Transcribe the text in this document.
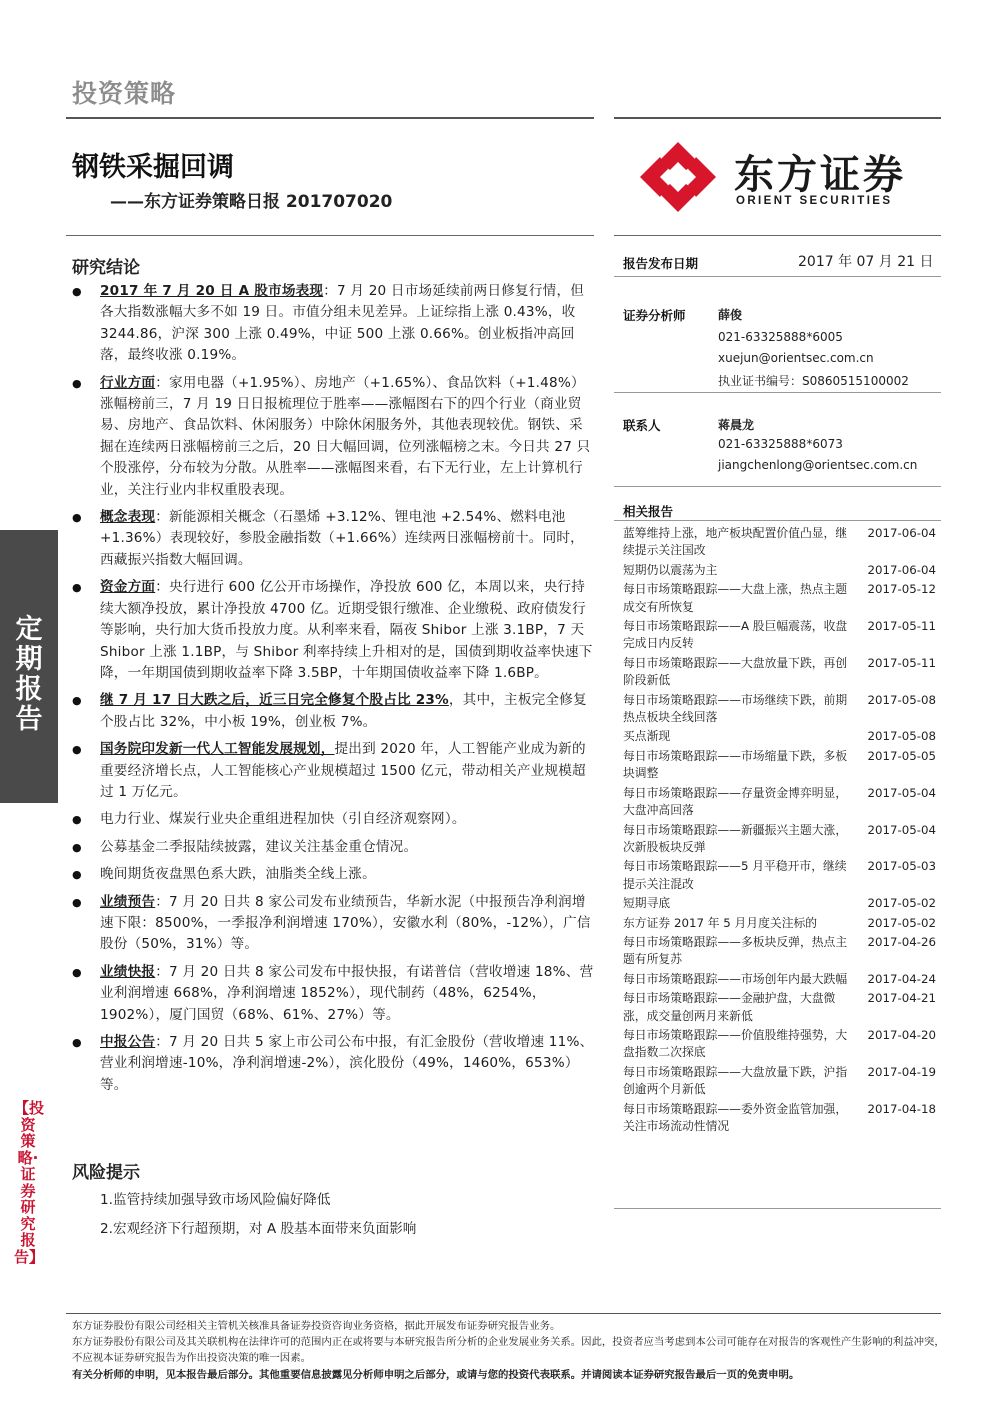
投资策略
钢铁采掘回调
——东方证券策略日报 201707020
东方证券
ORIENT SECURITIES
定期报告
【投资策略·证券研究报告】
研究结论
● 2017 年 7 月 20 日 A 股市场表现：7 月 20 日市场延续前两日修复行情，但各大指数涨幅大多不如 19 日。市值分组未见差异。上证综指上涨 0.43%，收 3244.86，沪深 300 上涨 0.49%，中证 500 上涨 0.66%。创业板指冲高回落，最终收涨 0.19%。
● 行业方面：家用电器（+1.95%）、房地产（+1.65%）、食品饮料（+1.48%）涨幅榜前三，7 月 19 日日报梳理位于胜率——涨幅图右下的四个行业（商业贸易、房地产、食品饮料、休闲服务）中除休闲服务外，其他表现较优。钢铁、采掘在连续两日涨幅榜前三之后，20 日大幅回调，位列涨幅榜之末。今日共 27 只个股涨停，分布较为分散。从胜率——涨幅图来看，右下无行业，左上计算机行业，关注行业内非权重股表现。
● 概念表现：新能源相关概念（石墨烯 +3.12%、锂电池 +2.54%、燃料电池 +1.36%）表现较好，参股金融指数（+1.66%）连续两日涨幅榜前十。同时，西藏振兴指数大幅回调。
● 资金方面：央行进行 600 亿公开市场操作，净投放 600 亿，本周以来，央行持续大额净投放，累计净投放 4700 亿。近期受银行缴准、企业缴税、政府债发行等影响，央行加大货币投放力度。从利率来看，隔夜 Shibor 上涨 3.1BP，7 天 Shibor 上涨 1.1BP，与 Shibor 利率持续上升相对的是，国债到期收益率快速下降，一年期国债到期收益率下降 3.5BP，十年期国债收益率下降 1.6BP。
● 继 7 月 17 日大跌之后，近三日完全修复个股占比 23%，其中，主板完全修复个股占比 32%，中小板 19%，创业板 7%。
● 国务院印发新一代人工智能发展规划，提出到 2020 年，人工智能产业成为新的重要经济增长点，人工智能核心产业规模超过 1500 亿元，带动相关产业规模超过 1 万亿元。
● 电力行业、煤炭行业央企重组进程加快（引自经济观察网）。
● 公募基金二季报陆续披露，建议关注基金重仓情况。
● 晚间期货夜盘黑色系大跌，油脂类全线上涨。
● 业绩预告：7 月 20 日共 8 家公司发布业绩预告，华新水泥（中报预告净利润增速下限：8500%，一季报净利润增速 170%），安徽水利（80%，-12%），广信股份（50%，31%）等。
● 业绩快报：7 月 20 日共 8 家公司发布中报快报，有诺普信（营收增速 18%、营业利润增速 668%，净利润增速 1852%），现代制药（48%，6254%，1902%），厦门国贸（68%、61%、27%）等。
● 中报公告：7 月 20 日共 5 家上市公司公布中报，有汇金股份（营收增速 11%、营业利润增速-10%，净利润增速-2%），滨化股份（49%，1460%，653%）等。
风险提示
1.监管持续加强导致市场风险偏好降低
2.宏观经济下行超预期，对 A 股基本面带来负面影响
报告发布日期	2017 年 07 月 21 日
证券分析师	薛俊
021-63325888*6005
xuejun@orientsec.com.cn
执业证书编号：S0860515100002
联系人	蒋晨龙
021-63325888*6073
jiangchenlong@orientsec.com.cn
相关报告
蓝筹维持上涨，地产板块配置价值凸显，继续提示关注国改
2017-06-04
短期仍以震荡为主	2017-06-04
每日市场策略跟踪——大盘上涨，热点主题成交有所恢复
2017-05-12
每日市场策略跟踪——A 股巨幅震荡，收盘完成日内反转
2017-05-11
每日市场策略跟踪——大盘放量下跌，再创阶段新低
2017-05-11
每日市场策略跟踪——市场继续下跌，前期热点板块全线回落
2017-05-08
买点渐现	2017-05-08
每日市场策略跟踪——市场缩量下跌，多板块调整
2017-05-05
每日市场策略跟踪——存量资金博弈明显，大盘冲高回落
2017-05-04
每日市场策略跟踪——新疆振兴主题大涨，次新股板块反弹
2017-05-04
每日市场策略跟踪——5 月平稳开市，继续提示关注混改
2017-05-03
短期寻底	2017-05-02
东方证券 2017 年 5 月月度关注标的	2017-05-02
每日市场策略跟踪——多板块反弹，热点主题有所复苏
2017-04-26
每日市场策略跟踪——市场创年内最大跌幅	2017-04-24
每日市场策略跟踪——金融护盘，大盘微涨，成交量创两月来新低
2017-04-21
每日市场策略跟踪——价值股维持强势，大盘指数二次探底
2017-04-20
每日市场策略跟踪——大盘放量下跌，沪指创逾两个月新低
2017-04-19
每日市场策略跟踪——委外资金监管加强，关注市场流动性情况
2017-04-18
东方证券股份有限公司经相关主管机关核准具备证券投资咨询业务资格，据此开展发布证券研究报告业务。
东方证券股份有限公司及其关联机构在法律许可的范围内正在或将要与本研究报告所分析的企业发展业务关系。因此，投资者应当考虑到本公司可能存在对报告的客观性产生影响的利益冲突，不应视本证券研究报告为作出投资决策的唯一因素。
有关分析师的申明，见本报告最后部分。其他重要信息披露见分析师申明之后部分，或请与您的投资代表联系。并请阅读本证券研究报告最后一页的免责申明。
